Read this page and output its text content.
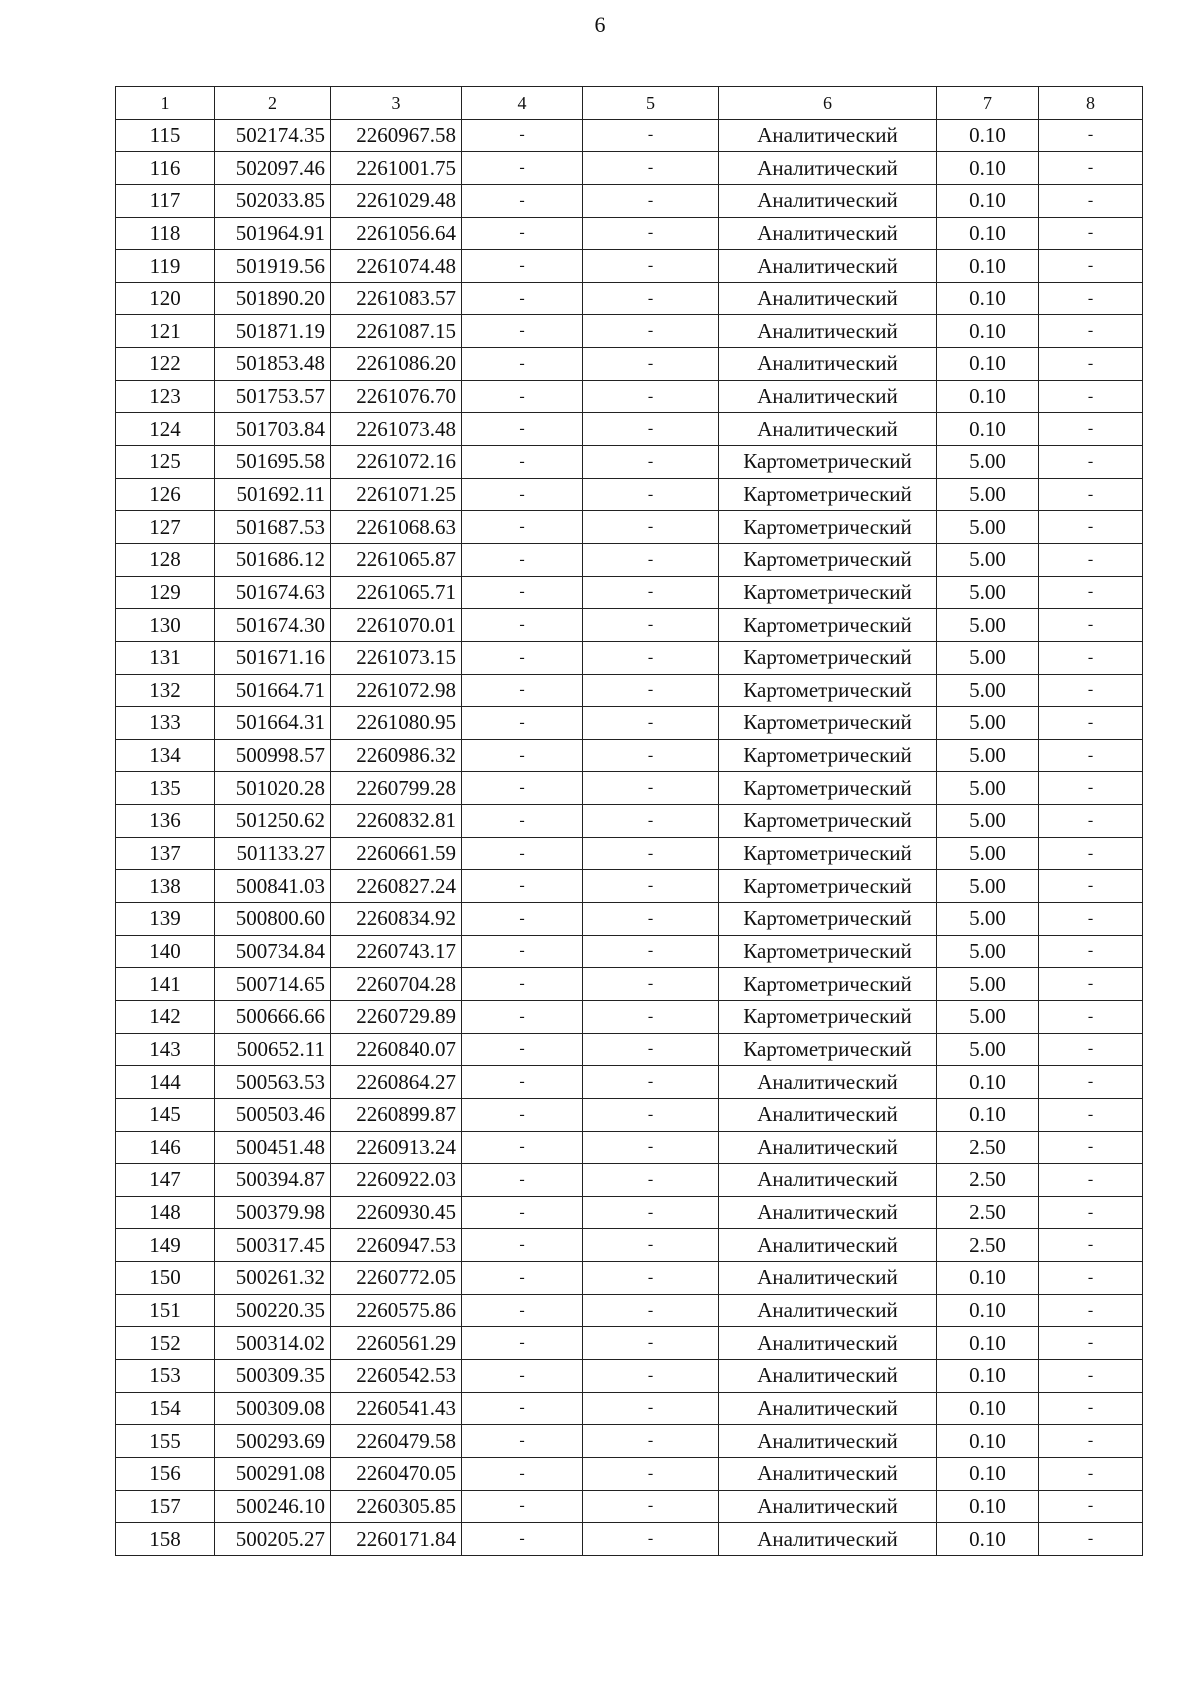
6
1	2	3	4	5	6	7	8
115	502174.35	2260967.58	-	-	Аналитический	0.10	-
116	502097.46	2261001.75	-	-	Аналитический	0.10	-
117	502033.85	2261029.48	-	-	Аналитический	0.10	-
118	501964.91	2261056.64	-	-	Аналитический	0.10	-
119	501919.56	2261074.48	-	-	Аналитический	0.10	-
120	501890.20	2261083.57	-	-	Аналитический	0.10	-
121	501871.19	2261087.15	-	-	Аналитический	0.10	-
122	501853.48	2261086.20	-	-	Аналитический	0.10	-
123	501753.57	2261076.70	-	-	Аналитический	0.10	-
124	501703.84	2261073.48	-	-	Аналитический	0.10	-
125	501695.58	2261072.16	-	-	Картометрический	5.00	-
126	501692.11	2261071.25	-	-	Картометрический	5.00	-
127	501687.53	2261068.63	-	-	Картометрический	5.00	-
128	501686.12	2261065.87	-	-	Картометрический	5.00	-
129	501674.63	2261065.71	-	-	Картометрический	5.00	-
130	501674.30	2261070.01	-	-	Картометрический	5.00	-
131	501671.16	2261073.15	-	-	Картометрический	5.00	-
132	501664.71	2261072.98	-	-	Картометрический	5.00	-
133	501664.31	2261080.95	-	-	Картометрический	5.00	-
134	500998.57	2260986.32	-	-	Картометрический	5.00	-
135	501020.28	2260799.28	-	-	Картометрический	5.00	-
136	501250.62	2260832.81	-	-	Картометрический	5.00	-
137	501133.27	2260661.59	-	-	Картометрический	5.00	-
138	500841.03	2260827.24	-	-	Картометрический	5.00	-
139	500800.60	2260834.92	-	-	Картометрический	5.00	-
140	500734.84	2260743.17	-	-	Картометрический	5.00	-
141	500714.65	2260704.28	-	-	Картометрический	5.00	-
142	500666.66	2260729.89	-	-	Картометрический	5.00	-
143	500652.11	2260840.07	-	-	Картометрический	5.00	-
144	500563.53	2260864.27	-	-	Аналитический	0.10	-
145	500503.46	2260899.87	-	-	Аналитический	0.10	-
146	500451.48	2260913.24	-	-	Аналитический	2.50	-
147	500394.87	2260922.03	-	-	Аналитический	2.50	-
148	500379.98	2260930.45	-	-	Аналитический	2.50	-
149	500317.45	2260947.53	-	-	Аналитический	2.50	-
150	500261.32	2260772.05	-	-	Аналитический	0.10	-
151	500220.35	2260575.86	-	-	Аналитический	0.10	-
152	500314.02	2260561.29	-	-	Аналитический	0.10	-
153	500309.35	2260542.53	-	-	Аналитический	0.10	-
154	500309.08	2260541.43	-	-	Аналитический	0.10	-
155	500293.69	2260479.58	-	-	Аналитический	0.10	-
156	500291.08	2260470.05	-	-	Аналитический	0.10	-
157	500246.10	2260305.85	-	-	Аналитический	0.10	-
158	500205.27	2260171.84	-	-	Аналитический	0.10	-
